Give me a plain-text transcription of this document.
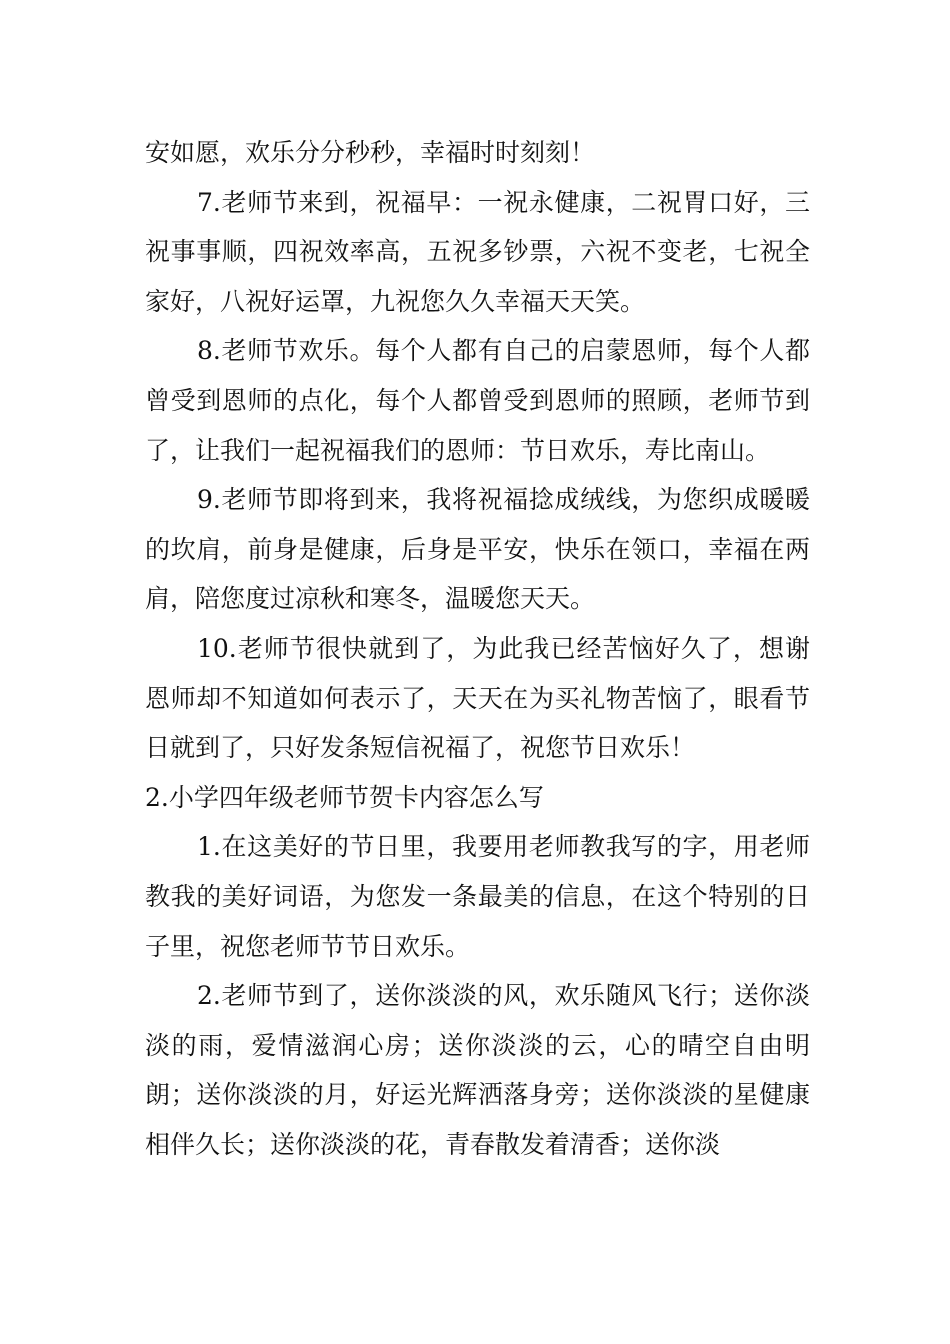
安如愿，欢乐分分秒秒，幸福时时刻刻！

7.老师节来到，祝福早：一祝永健康，二祝胃口好，三祝事事顺，四祝效率高，五祝多钞票，六祝不变老，七祝全家好，八祝好运罩，九祝您久久幸福天天笑。

8.老师节欢乐。每个人都有自己的启蒙恩师，每个人都曾受到恩师的点化，每个人都曾受到恩师的照顾，老师节到了，让我们一起祝福我们的恩师：节日欢乐，寿比南山。

9.老师节即将到来，我将祝福捻成绒线，为您织成暖暖的坎肩，前身是健康，后身是平安，快乐在领口，幸福在两肩，陪您度过凉秋和寒冬，温暖您天天。

10.老师节很快就到了，为此我已经苦恼好久了，想谢恩师却不知道如何表示了，天天在为买礼物苦恼了，眼看节日就到了，只好发条短信祝福了，祝您节日欢乐！

2.小学四年级老师节贺卡内容怎么写

1.在这美好的节日里，我要用老师教我写的字，用老师教我的美好词语，为您发一条最美的信息，在这个特别的日子里，祝您老师节节日欢乐。

2.老师节到了，送你淡淡的风，欢乐随风飞行；送你淡淡的雨，爱情滋润心房；送你淡淡的云，心的晴空自由明朗；送你淡淡的月，好运光辉洒落身旁；送你淡淡的星健康相伴久长；送你淡淡的花，青春散发着清香；送你淡
